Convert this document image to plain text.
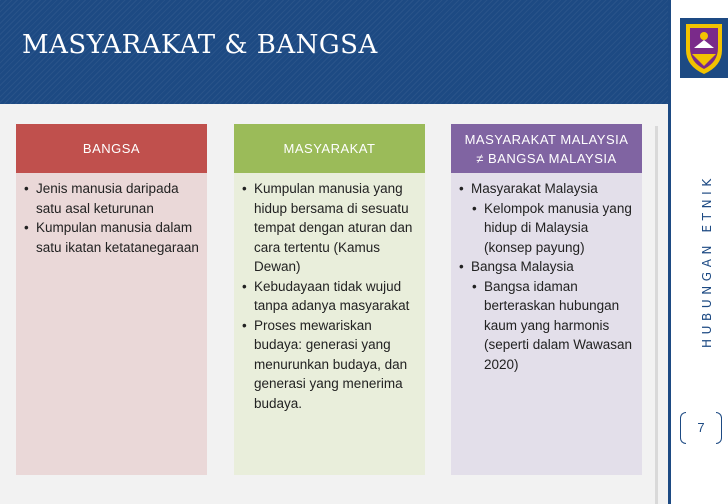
MASYARAKAT & BANGSA
BANGSA
• Jenis manusia daripada satu asal keturunan
• Kumpulan manusia dalam satu ikatan ketatanegaraan
MASYARAKAT
• Kumpulan manusia yang hidup bersama di sesuatu tempat dengan aturan dan cara tertentu (Kamus Dewan)
• Kebudayaan tidak wujud tanpa adanya masyarakat
• Proses mewariskan budaya: generasi yang menurunkan budaya, dan generasi yang menerima budaya.
MASYARAKAT MALAYSIA
≠ BANGSA MALAYSIA
• Masyarakat Malaysia
• Kelompok manusia yang hidup di Malaysia (konsep payung)
• Bangsa Malaysia
• Bangsa idaman berteraskan hubungan kaum yang harmonis (seperti dalam Wawasan 2020)
HUBUNGAN ETNIK
7
